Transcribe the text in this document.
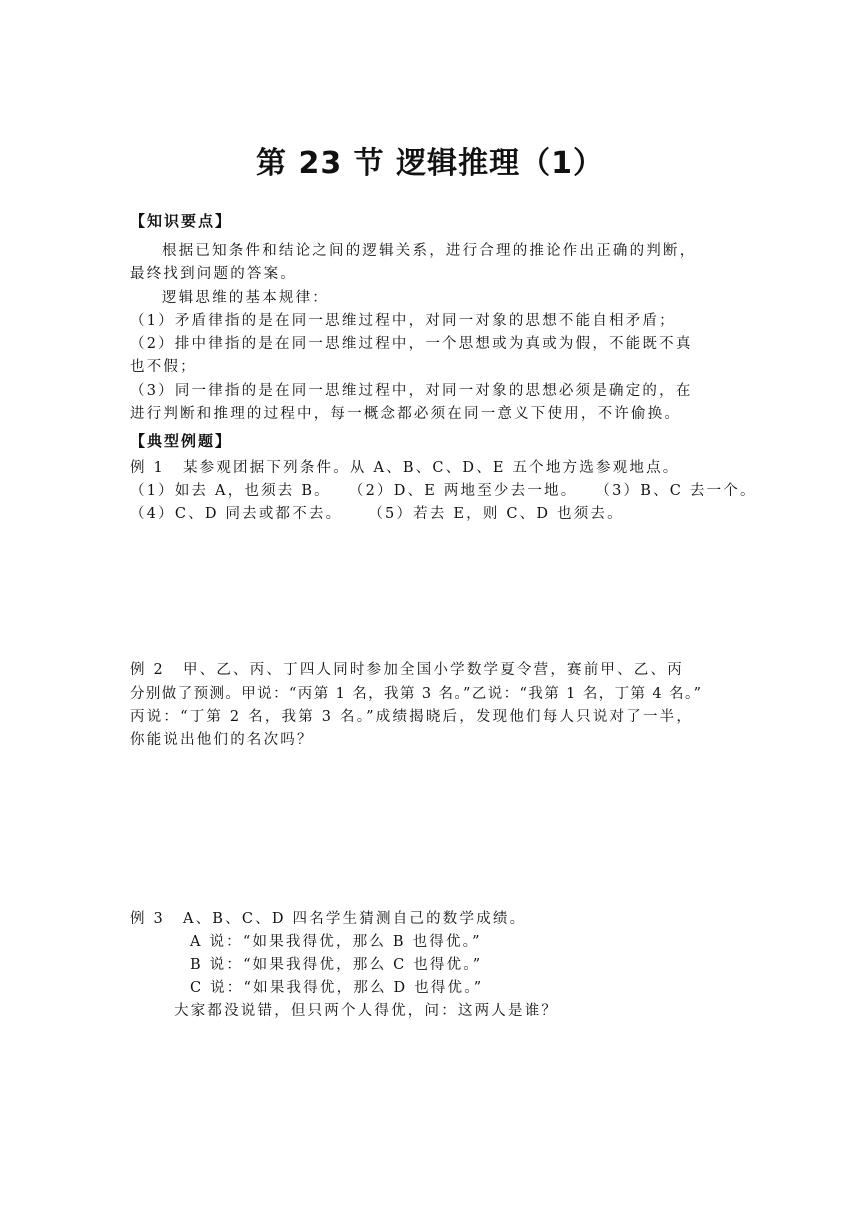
第 23 节 逻辑推理（1）
【知识要点】
根据已知条件和结论之间的逻辑关系，进行合理的推论作出正确的判断，
最终找到问题的答案。
逻辑思维的基本规律：
（1）矛盾律指的是在同一思维过程中，对同一对象的思想不能自相矛盾；
（2）排中律指的是在同一思维过程中，一个思想或为真或为假，不能既不真
也不假；
（3）同一律指的是在同一思维过程中，对同一对象的思想必须是确定的，在
进行判断和推理的过程中，每一概念都必须在同一意义下使用，不许偷换。
【典型例题】
例 1 某参观团据下列条件。从 A、B、C、D、E 五个地方选参观地点。
（1）如去 A，也须去 B。 （2）D、E 两地至少去一地。 （3）B、C 去一个。
（4）C、D 同去或都不去。 （5）若去 E，则 C、D 也须去。
例 2 甲、乙、丙、丁四人同时参加全国小学数学夏令营，赛前甲、乙、丙
分别做了预测。甲说：“丙第 1 名，我第 3 名。”乙说：“我第 1 名，丁第 4 名。”
丙说：“丁第 2 名，我第 3 名。”成绩揭晓后，发现他们每人只说对了一半，
你能说出他们的名次吗？
例 3 A、B、C、D 四名学生猜测自己的数学成绩。
A 说：“如果我得优，那么 B 也得优。”
B 说：“如果我得优，那么 C 也得优。”
C 说：“如果我得优，那么 D 也得优。”
大家都没说错，但只两个人得优，问：这两人是谁？
